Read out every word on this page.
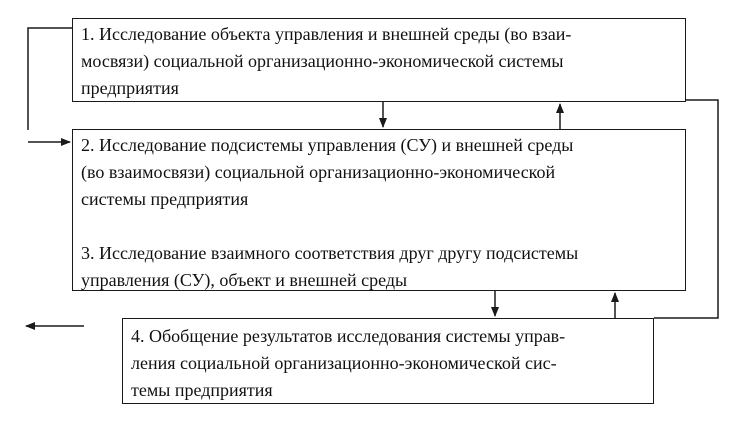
1. Исследование объекта управления и внешней среды (во взаи-

мосвязи) социальной организационно-экономической системы

предприятия

2. Исследование подсистемы управления (СУ) и внешней среды

(во взаимосвязи) социальной организационно-экономической

системы предприятия

3. Исследование взаимного соответствия друг другу подсистемы

управления (СУ), объект и внешней среды

4. Обобщение результатов исследования системы управ-

ления социальной организационно-экономической сис-

темы предприятия
